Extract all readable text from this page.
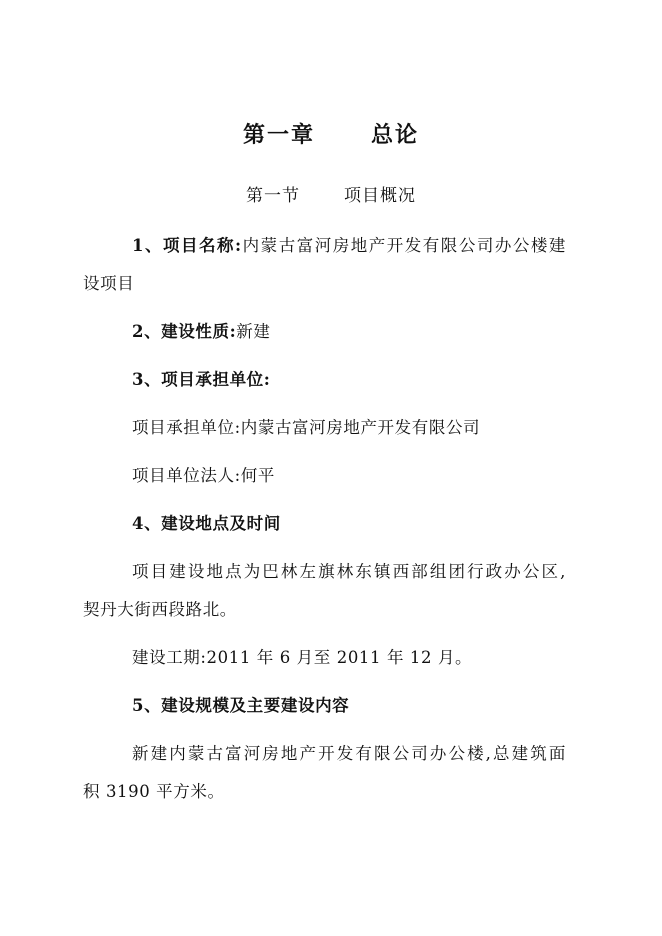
第一章	总论
第一节	项目概况
1、项目名称:内蒙古富河房地产开发有限公司办公楼建
设项目
2、建设性质:新建
3、项目承担单位:
项目承担单位:内蒙古富河房地产开发有限公司
项目单位法人:何平
4、建设地点及时间
项目建设地点为巴林左旗林东镇西部组团行政办公区,
契丹大街西段路北。
建设工期:2011 年 6 月至 2011 年 12 月。
5、建设规模及主要建设内容
新建内蒙古富河房地产开发有限公司办公楼,总建筑面
积 3190 平方米。
